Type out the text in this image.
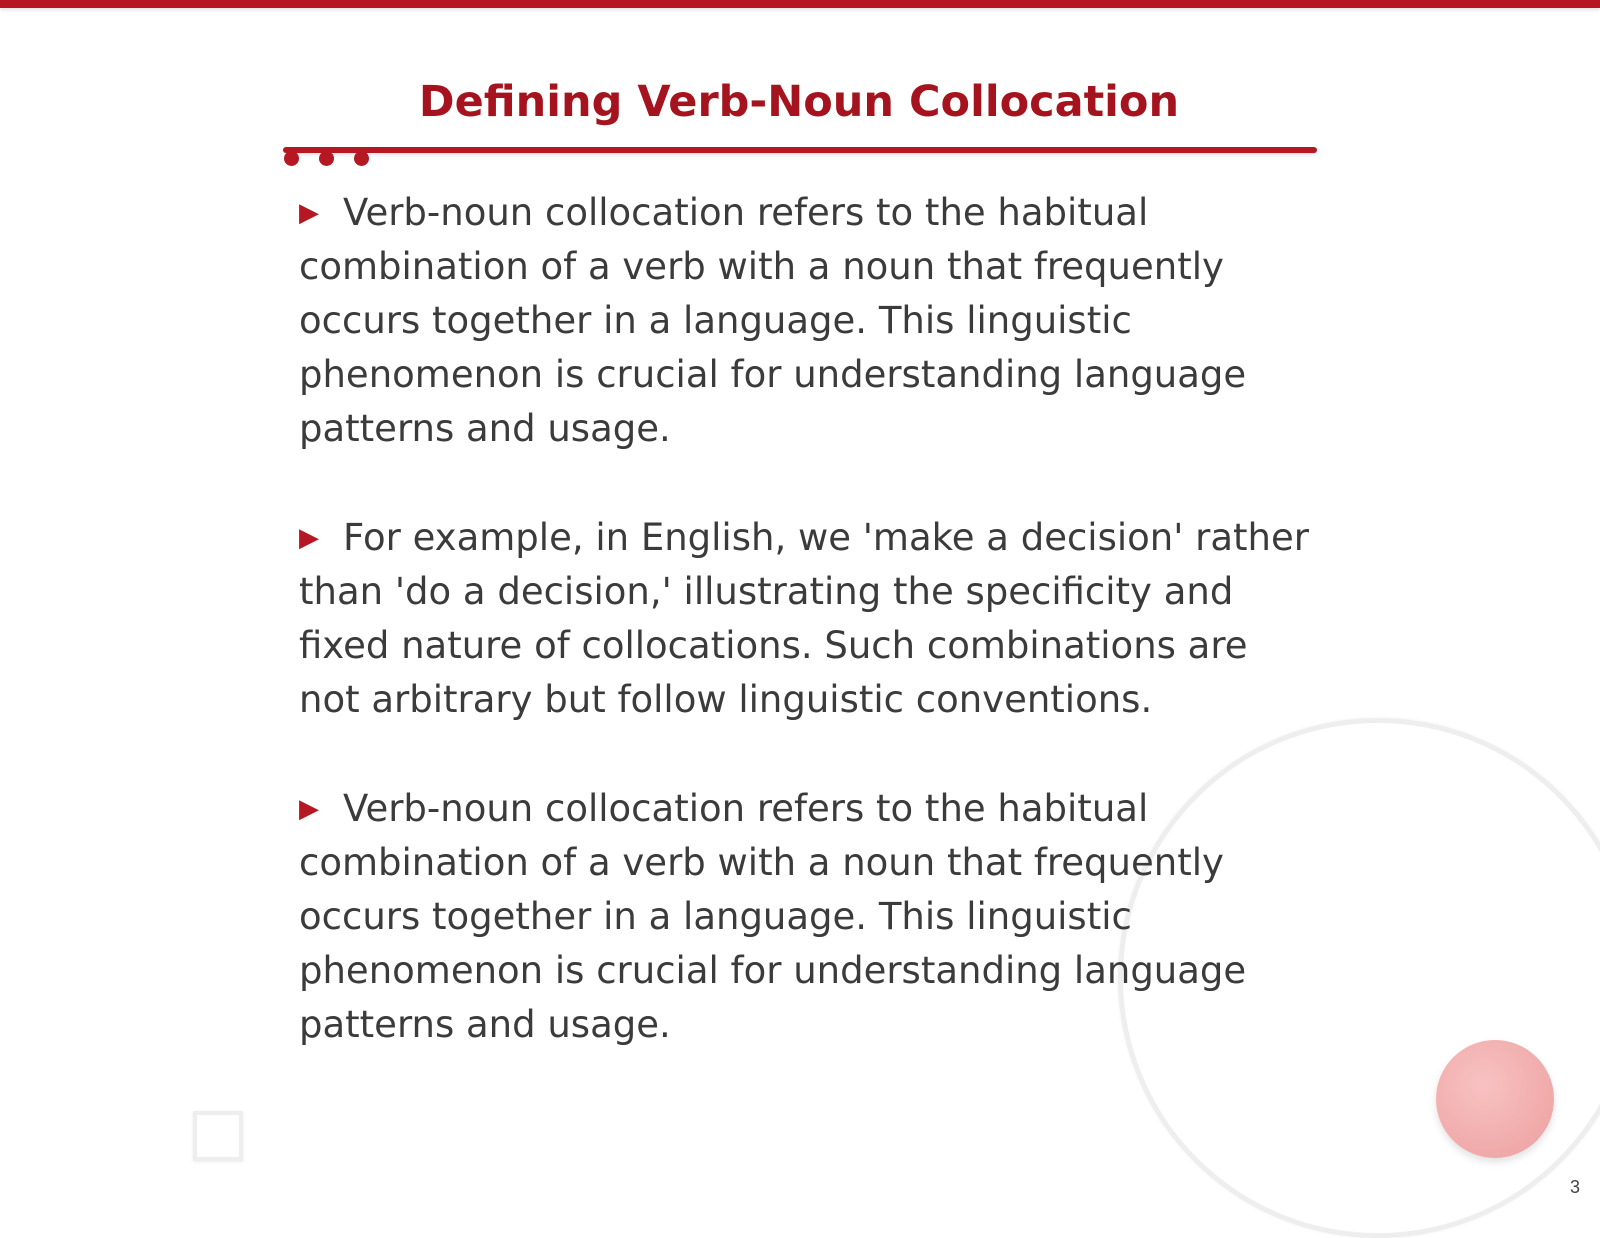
Defining Verb-Noun Collocation

▶ Verb-noun collocation refers to the habitual combination of a verb with a noun that frequently occurs together in a language. This linguistic phenomenon is crucial for understanding language patterns and usage.

▶ For example, in English, we 'make a decision' rather than 'do a decision,' illustrating the specificity and fixed nature of collocations. Such combinations are not arbitrary but follow linguistic conventions.

▶ Verb-noun collocation refers to the habitual combination of a verb with a noun that frequently occurs together in a language. This linguistic phenomenon is crucial for understanding language patterns and usage.

3
